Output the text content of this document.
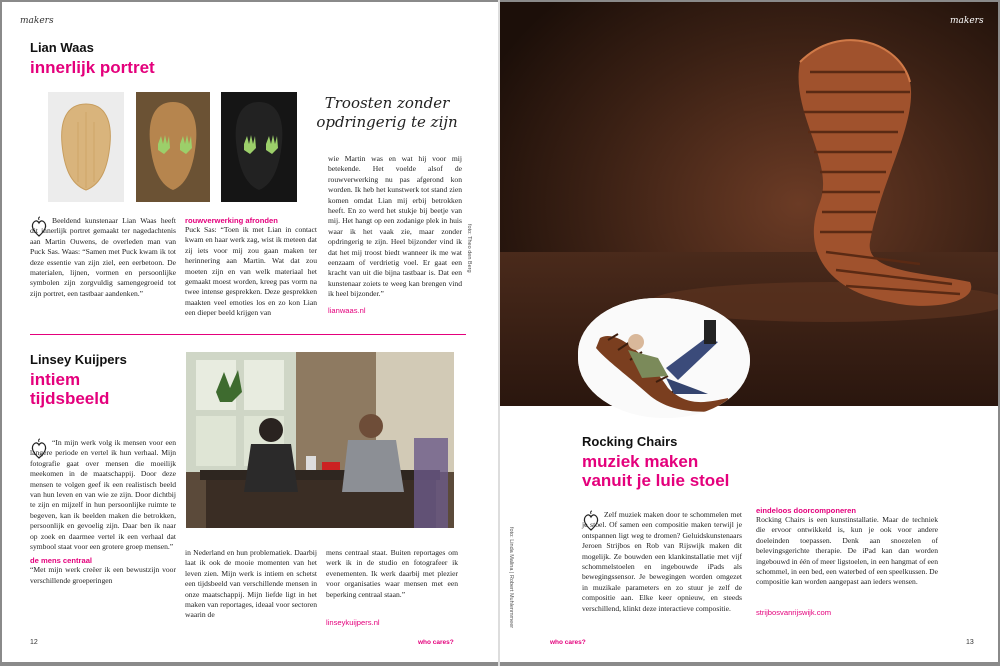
makers
Lian Waas
innerlijk portret
Troosten zonder
opdringerig te zijn
foto: Theo den Berg
Beeldend kunstenaar Lian Waas heeft dit innerlijk portret gemaakt ter nagedachtenis aan Martin Ouwens, de overleden man van Puck Sas. Waas: “Samen met Puck kwam ik tot deze essentie van zijn ziel, een eerbetoon. De materialen, lijnen, vormen en persoonlijke symbolen zijn zorgvuldig samengegroeid tot zijn portret, een tastbaar aandenken.”
rouwverwerking afronden
Puck Sas: “Toen ik met Lian in contact kwam en haar werk zag, wist ik meteen dat zij iets voor mij zou gaan maken ter herinnering aan Martin. Wat dat zou moeten zijn en van welk materiaal het gemaakt moest worden, kreeg pas vorm na twee intense gesprekken. Deze gesprekken maakten veel emoties los en zo kon Lian een dieper beeld krijgen van
wie Martin was en wat hij voor mij betekende. Het voelde alsof de rouwverwerking nu pas afgerond kon worden. Ik heb het kunstwerk tot stand zien komen omdat Lian mij erbij betrokken heeft. En zo werd het stukje bij beetje van mij. Het hangt op een zodanige plek in huis waar ik het vaak zie, maar zonder opdringerig te zijn. Heel bijzonder vind ik dat het mij troost biedt wanneer ik me wat eenzaam of verdrietig voel. Er gaat een kracht van uit die bijna tastbaar is. Dat een kunstenaar zoiets te weeg kan brengen vind ik heel bijzonder.”
lianwaas.nl
Linsey Kuijpers
intiem
tijdsbeeld
“In mijn werk volg ik mensen voor een langere periode en vertel ik hun verhaal. Mijn fotografie gaat over mensen die moeilijk meekomen in de maatschappij. Door deze mensen te volgen geef ik een realistisch beeld van hun leven en van wie ze zijn. Door dichtbij te zijn en mijzelf in hun persoonlijke ruimte te begeven, kan ik beelden maken die betrokken, persoonlijk en gevoelig zijn. Daar ben ik naar op zoek en daarmee vertel ik een verhaal dat symbool staat voor een grotere groep mensen.”
de mens centraal
“Met mijn werk creëer ik een bewustzijn voor verschillende groeperingen
in Nederland en hun problematiek. Daarbij laat ik ook de mooie momenten van het leven zien. Mijn werk is intiem en schetst een tijdsbeeld van verschillende mensen in onze maatschappij. Mijn liefde ligt in het maken van reportages, ideaal voor sectoren waarin de
mens centraal staat. Buiten reportages om werk ik in de studio en fotografeer ik evenementen. Ik werk daarbij met plezier voor organisaties waar mensen met een beperking centraal staan.”
linseykuijpers.nl
12	who cares?
makers
foto: Linda Malina | Robert Muhlenmmeer
Rocking Chairs
muziek maken
vanuit je luie stoel
Zelf muziek maken door te schommelen met je stoel. Of samen een compositie maken terwijl je ontspannen ligt weg te dromen? Geluidskunstenaars Jeroen Strijbos en Rob van Rijswijk maken dit mogelijk. Ze bouwden een klankinstallatie met vijf schommelstoelen en ingebouwde iPads als bewegingssensor. Je bewegingen worden omgezet in muzikale parameters en zo stuur je zelf de compositie aan. Elke keer opnieuw, en steeds verschillend, klinkt deze interactieve compositie.
eindeloos doorcomponeren
Rocking Chairs is een kunstinstallatie. Maar de techniek die ervoor ontwikkeld is, kun je ook voor andere doeleinden toepassen. Denk aan snoezelen of belevingsgerichte therapie. De iPad kan dan worden ingebouwd in één of meer ligstoelen, in een hangmat of een schommel, in een bed, een waterbed of een speelkussen. De compositie kan worden aangepast aan ieders wensen.
strijbosvanrijswijk.com
who cares?	13
